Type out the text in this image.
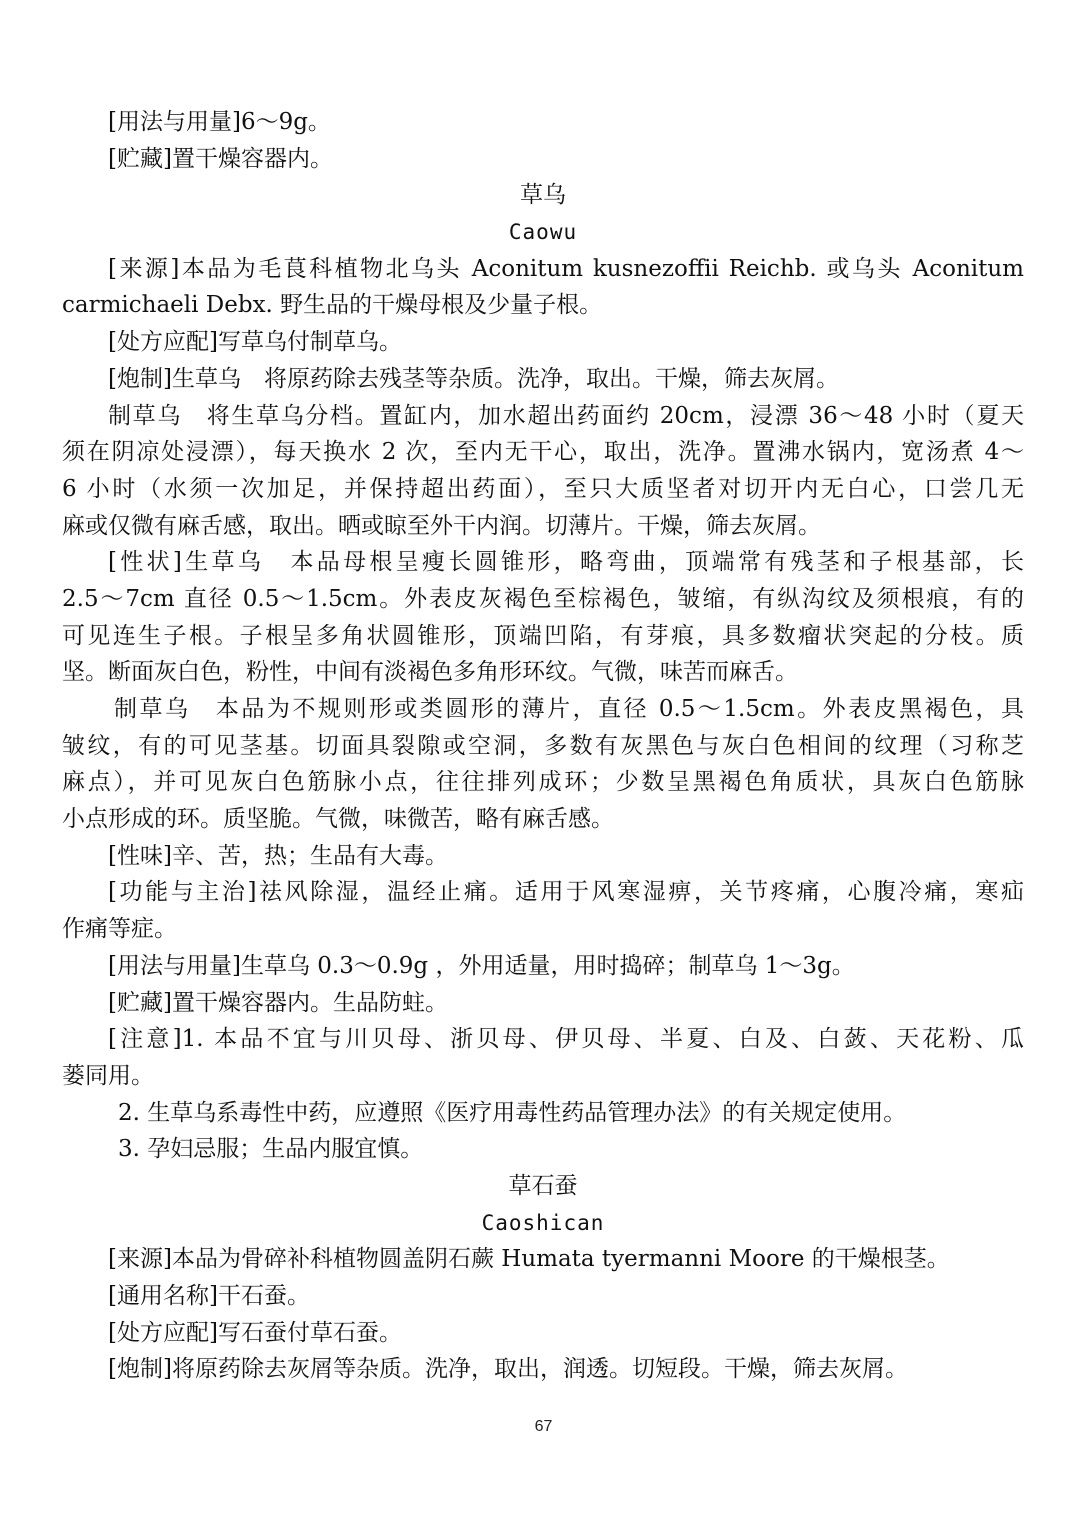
[用法与用量]6～9g。
[贮藏]置干燥容器内。
草乌
Caowu
[来源]本品为毛茛科植物北乌头 Aconitum kusnezoffii Reichb. 或乌头 Aconitum
carmichaeli Debx. 野生品的干燥母根及少量子根。
[处方应配]写草乌付制草乌。
[炮制]生草乌　将原药除去残茎等杂质。洗净，取出。干燥，筛去灰屑。
制草乌　将生草乌分档。置缸内，加水超出药面约 20cm，浸漂 36～48 小时（夏天
须在阴凉处浸漂），每天换水 2 次，至内无干心，取出，洗净。置沸水锅内，宽汤煮 4～
6 小时（水须一次加足，并保持超出药面），至只大质坚者对切开内无白心，口尝几无
麻或仅微有麻舌感，取出。晒或晾至外干内润。切薄片。干燥，筛去灰屑。
[性状]生草乌　本品母根呈瘦长圆锥形，略弯曲，顶端常有残茎和子根基部，长
2.5～7cm 直径 0.5～1.5cm。外表皮灰褐色至棕褐色，皱缩，有纵沟纹及须根痕，有的
可见连生子根。子根呈多角状圆锥形，顶端凹陷，有芽痕，具多数瘤状突起的分枝。质
坚。断面灰白色，粉性，中间有淡褐色多角形环纹。气微，味苦而麻舌。
制草乌　本品为不规则形或类圆形的薄片，直径 0.5～1.5cm。外表皮黑褐色，具
皱纹，有的可见茎基。切面具裂隙或空洞，多数有灰黑色与灰白色相间的纹理（习称芝
麻点），并可见灰白色筋脉小点，往往排列成环；少数呈黑褐色角质状，具灰白色筋脉
小点形成的环。质坚脆。气微，味微苦，略有麻舌感。
[性味]辛、苦，热；生品有大毒。
[功能与主治]祛风除湿，温经止痛。适用于风寒湿痹，关节疼痛，心腹冷痛，寒疝
作痛等症。
[用法与用量]生草乌 0.3～0.9g ，外用适量，用时捣碎；制草乌 1～3g。
[贮藏]置干燥容器内。生品防蛀。
[注意]1. 本品不宜与川贝母、浙贝母、伊贝母、半夏、白及、白蔹、天花粉、瓜
蒌同用。
2. 生草乌系毒性中药，应遵照《医疗用毒性药品管理办法》的有关规定使用。
3. 孕妇忌服；生品内服宜慎。
草石蚕
Caoshican
[来源]本品为骨碎补科植物圆盖阴石蕨 Humata tyermanni Moore 的干燥根茎。
[通用名称]干石蚕。
[处方应配]写石蚕付草石蚕。
[炮制]将原药除去灰屑等杂质。洗净，取出，润透。切短段。干燥，筛去灰屑。
67
